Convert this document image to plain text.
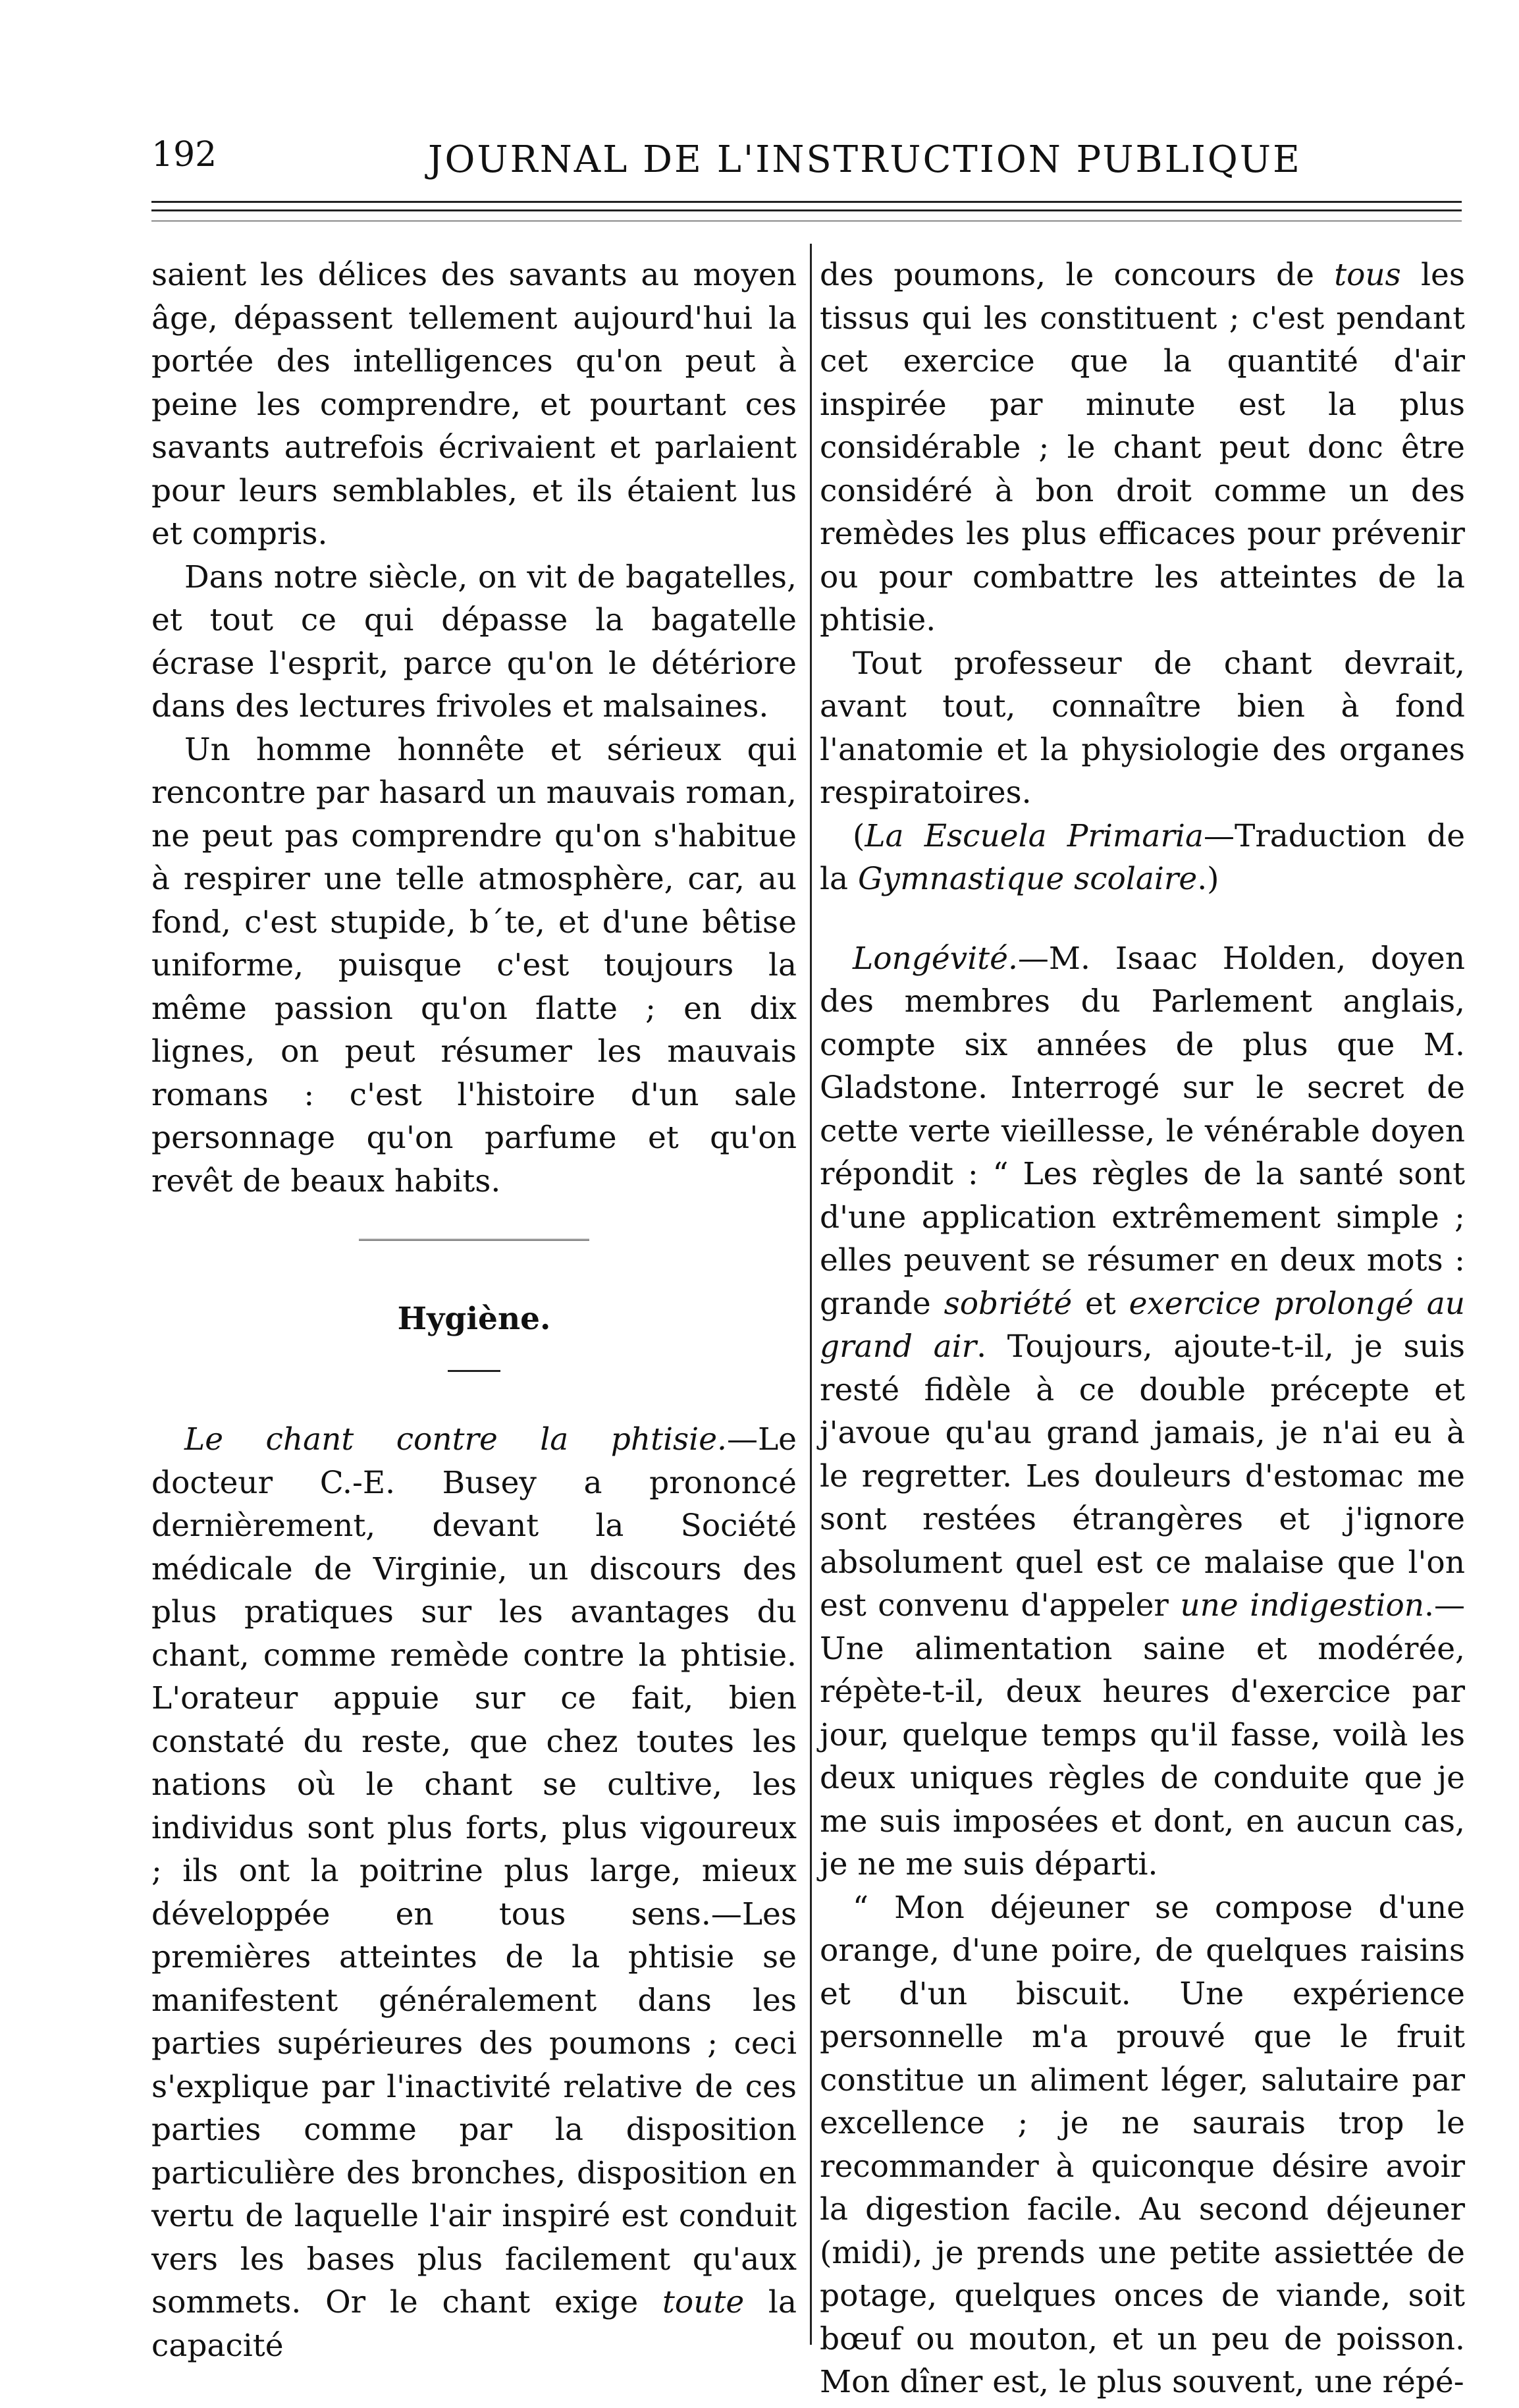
192	JOURNAL DE L'INSTRUCTION PUBLIQUE

saient les délices des savants au moyen âge, dépassent tellement aujourd'hui la portée des intelligences qu'on peut à peine les comprendre, et pourtant ces savants autrefois écrivaient et parlaient pour leurs semblables, et ils étaient lus et compris.

Dans notre siècle, on vit de bagatelles, et tout ce qui dépasse la bagatelle écrase l'esprit, parce qu'on le détériore dans des lectures frivoles et malsaines.

Un homme honnête et sérieux qui rencontre par hasard un mauvais roman, ne peut pas comprendre qu'on s'habitue à respirer une telle atmosphère, car, au fond, c'est stupide, b´te, et d'une bêtise uniforme, puisque c'est toujours la même passion qu'on flatte ; en dix lignes, on peut résumer les mauvais romans : c'est l'histoire d'un sale personnage qu'on parfume et qu'on revêt de beaux habits.

Hygiène.

Le chant contre la phtisie.—Le docteur C.-E. Busey a prononcé dernièrement, devant la Société médicale de Virginie, un discours des plus pratiques sur les avantages du chant, comme remède contre la phtisie. L'orateur appuie sur ce fait, bien constaté du reste, que chez toutes les nations où le chant se cultive, les individus sont plus forts, plus vigoureux ; ils ont la poitrine plus large, mieux développée en tous sens.—Les premières atteintes de la phtisie se manifestent généralement dans les parties supérieures des poumons ; ceci s'explique par l'inactivité relative de ces parties comme par la disposition particulière des bronches, disposition en vertu de laquelle l'air inspiré est conduit vers les bases plus facilement qu'aux sommets. Or le chant exige toute la capacité

des poumons, le concours de tous les tissus qui les constituent ; c'est pendant cet exercice que la quantité d'air inspirée par minute est la plus considérable ; le chant peut donc être considéré à bon droit comme un des remèdes les plus efficaces pour prévenir ou pour combattre les atteintes de la phtisie.

Tout professeur de chant devrait, avant tout, connaître bien à fond l'anatomie et la physiologie des organes respiratoires.

(La Escuela Primaria—Traduction de la Gymnastique scolaire.)

Longévité.—M. Isaac Holden, doyen des membres du Parlement anglais, compte six années de plus que M. Gladstone. Interrogé sur le secret de cette verte vieillesse, le vénérable doyen répondit : “ Les règles de la santé sont d'une application extrêmement simple ; elles peuvent se résumer en deux mots : grande sobriété et exercice prolongé au grand air. Toujours, ajoute-t-il, je suis resté fidèle à ce double précepte et j'avoue qu'au grand jamais, je n'ai eu à le regretter. Les douleurs d'estomac me sont restées étrangères et j'ignore absolument quel est ce malaise que l'on est convenu d'appeler une indigestion.—Une alimentation saine et modérée, répète-t-il, deux heures d'exercice par jour, quelque temps qu'il fasse, voilà les deux uniques règles de conduite que je me suis imposées et dont, en aucun cas, je ne me suis départi.

“ Mon déjeuner se compose d'une orange, d'une poire, de quelques raisins et d'un biscuit. Une expérience personnelle m'a prouvé que le fruit constitue un aliment léger, salutaire par excellence ; je ne saurais trop le recommander à quiconque désire avoir la digestion facile. Au second déjeuner (midi), je prends une petite assiettée de potage, quelques onces de viande, soit bœuf ou mouton, et un peu de poisson. Mon dîner est, le plus souvent, une répé-
